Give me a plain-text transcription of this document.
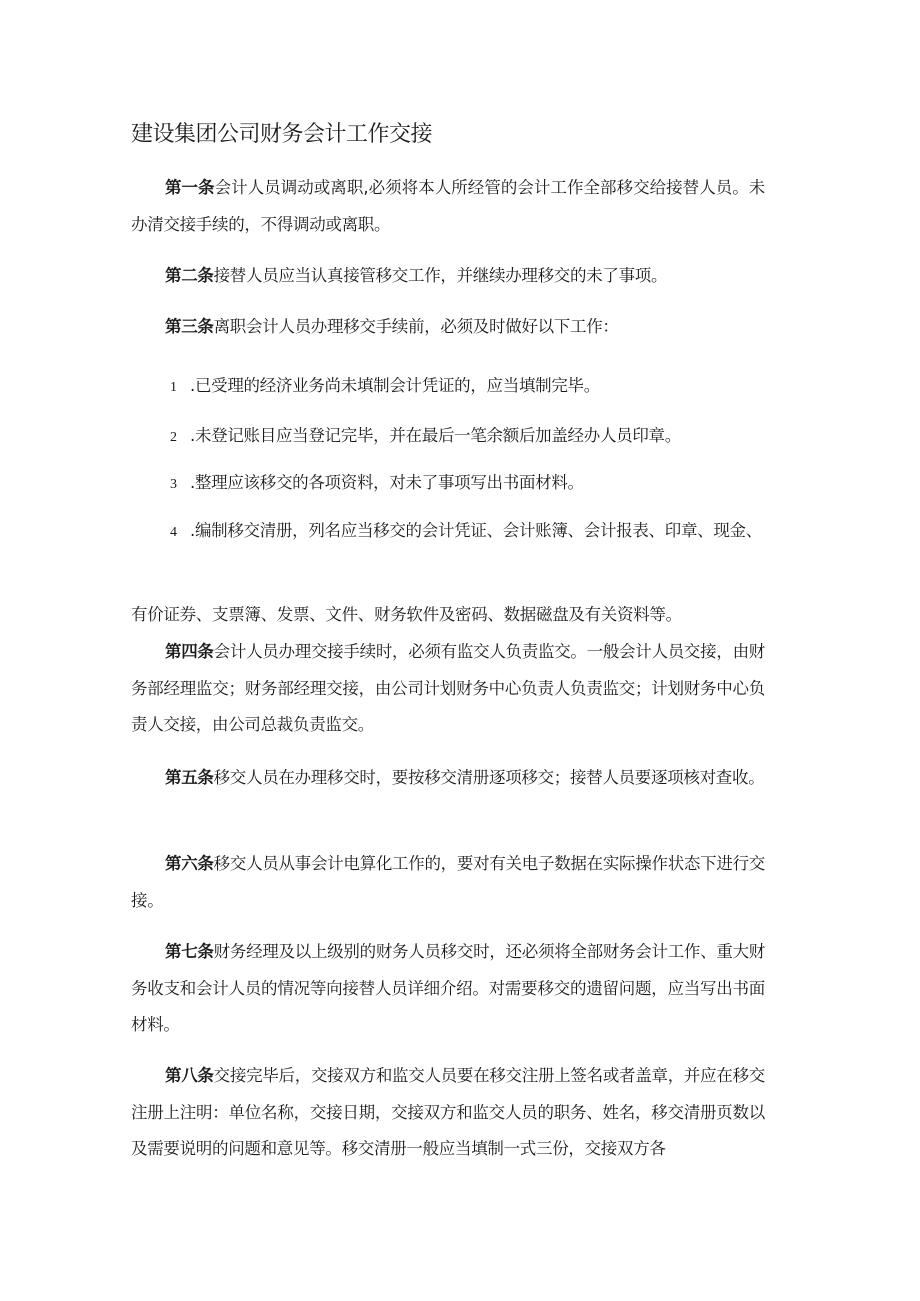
建设集团公司财务会计工作交接
第一条会计人员调动或离职,必须将本人所经管的会计工作全部移交给接替人员。未办清交接手续的，不得调动或离职。
第二条接替人员应当认真接管移交工作，并继续办理移交的未了事项。
第三条离职会计人员办理移交手续前，必须及时做好以下工作：
1 .已受理的经济业务尚未填制会计凭证的，应当填制完毕。
2 .未登记账目应当登记完毕，并在最后一笔余额后加盖经办人员印章。
3 .整理应该移交的各项资料，对未了事项写出书面材料。
4 .编制移交清册，列名应当移交的会计凭证、会计账簿、会计报表、印章、现金、
有价证券、支票簿、发票、文件、财务软件及密码、数据磁盘及有关资料等。
第四条会计人员办理交接手续时，必须有监交人负责监交。一般会计人员交接，由财务部经理监交；财务部经理交接，由公司计划财务中心负责人负责监交；计划财务中心负责人交接，由公司总裁负责监交。
第五条移交人员在办理移交时，要按移交清册逐项移交；接替人员要逐项核对查收。
第六条移交人员从事会计电算化工作的，要对有关电子数据在实际操作状态下进行交接。
第七条财务经理及以上级别的财务人员移交时，还必须将全部财务会计工作、重大财务收支和会计人员的情况等向接替人员详细介绍。对需要移交的遗留问题，应当写出书面材料。
第八条交接完毕后，交接双方和监交人员要在移交注册上签名或者盖章，并应在移交注册上注明：单位名称，交接日期，交接双方和监交人员的职务、姓名，移交清册页数以及需要说明的问题和意见等。移交清册一般应当填制一式三份，交接双方各
